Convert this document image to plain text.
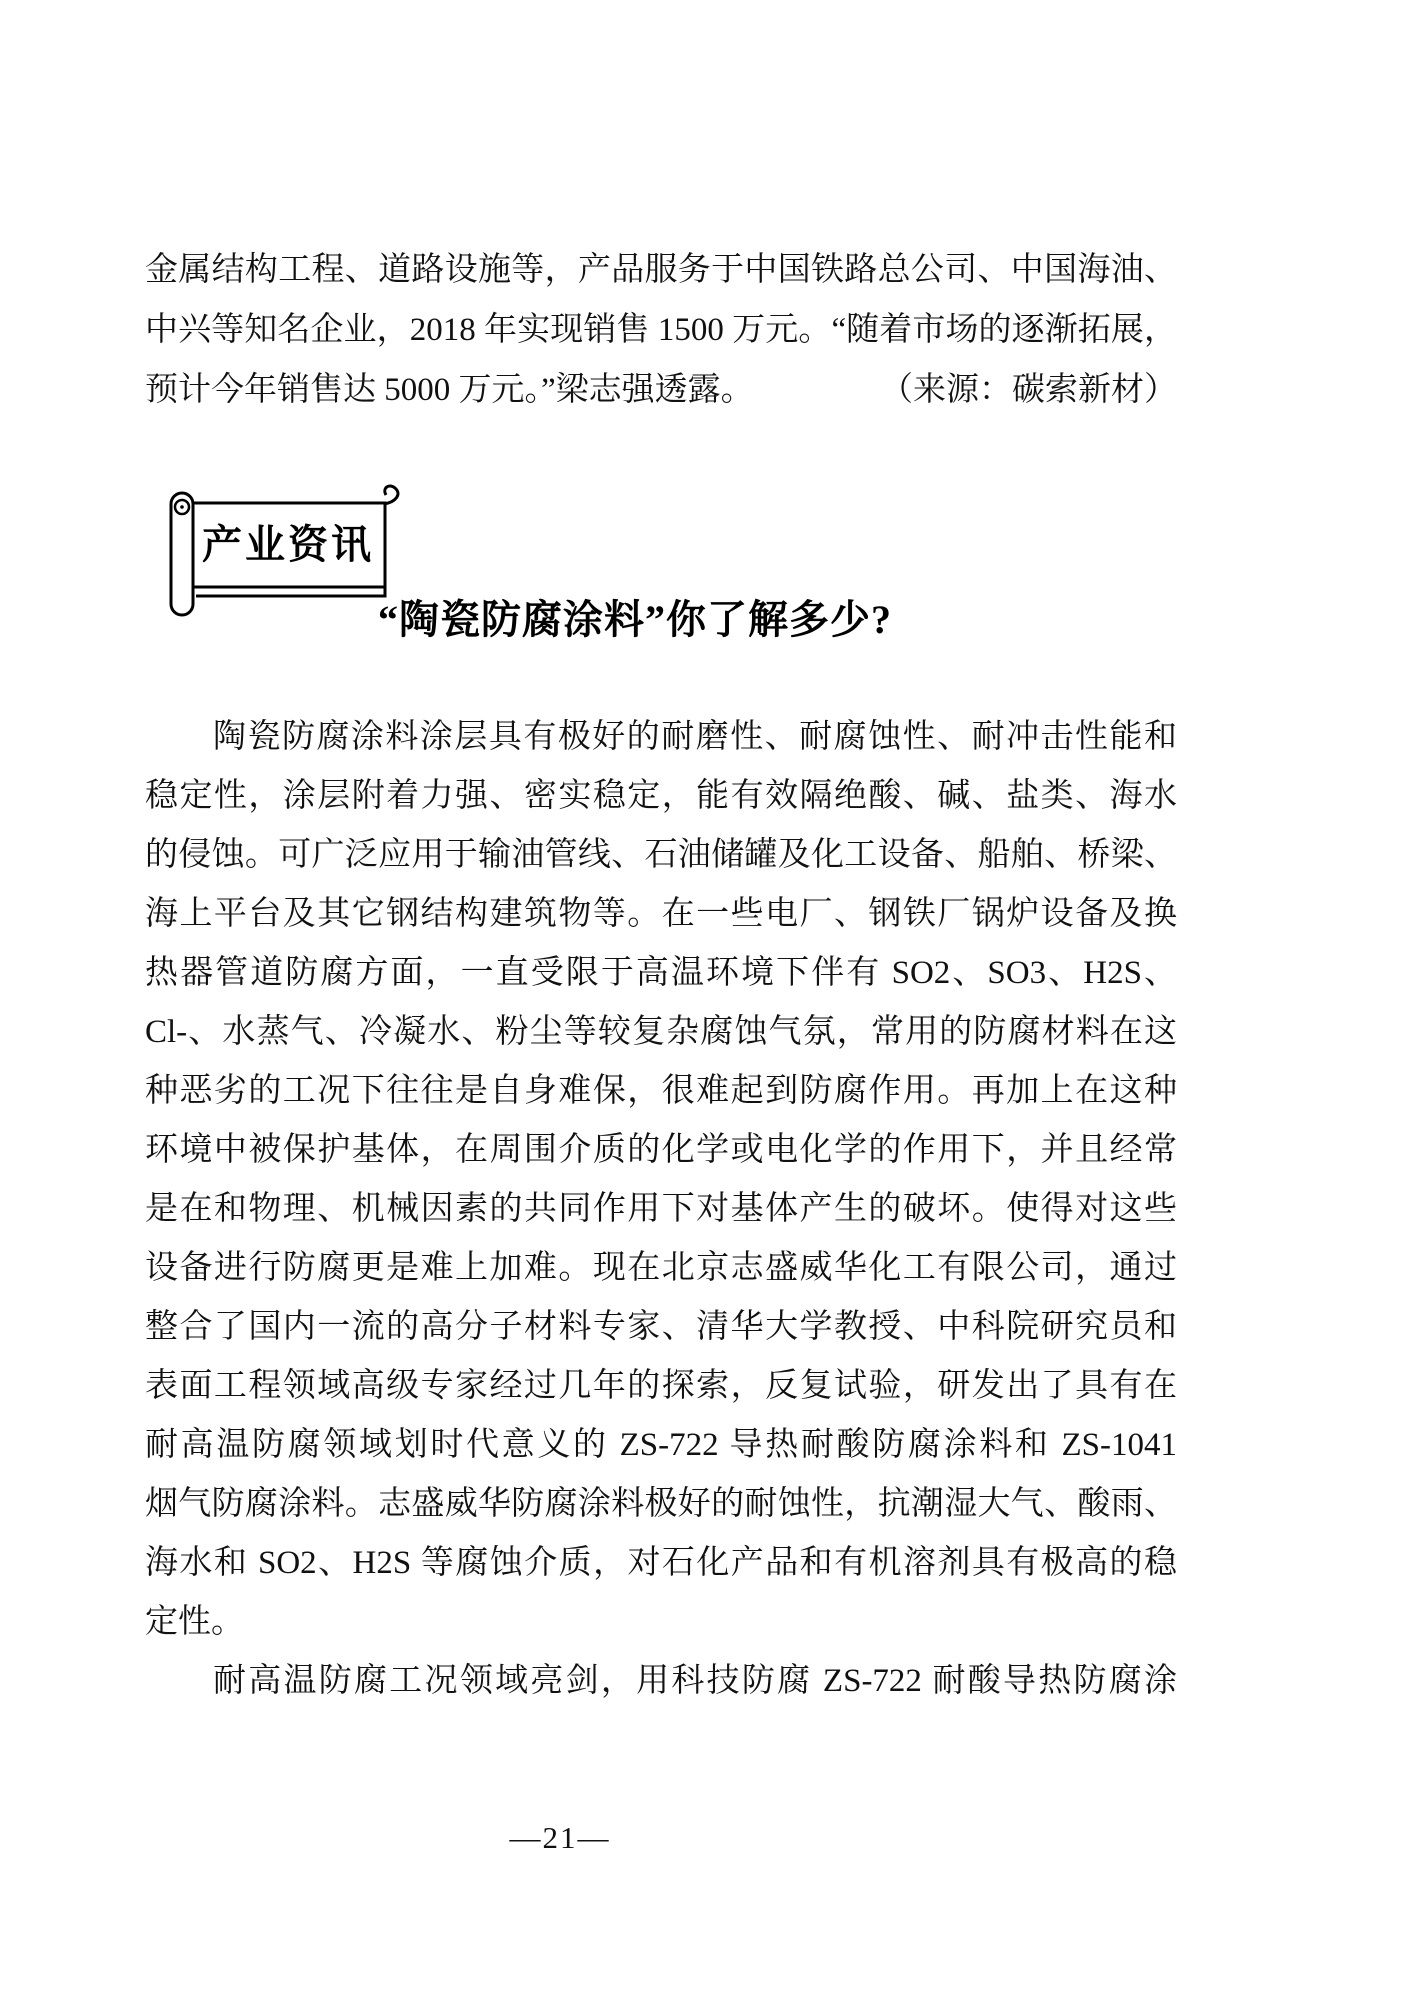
金属结构工程、道路设施等，产品服务于中国铁路总公司、中国海油、
中兴等知名企业，2018 年实现销售 1500 万元。“随着市场的逐渐拓展，
预计今年销售达 5000 万元。”梁志强透露。	（来源：碳索新材）
产业资讯
“陶瓷防腐涂料”你了解多少?
陶瓷防腐涂料涂层具有极好的耐磨性、耐腐蚀性、耐冲击性能和
稳定性，涂层附着力强、密实稳定，能有效隔绝酸、碱、盐类、海水
的侵蚀。可广泛应用于输油管线、石油储罐及化工设备、船舶、桥梁、
海上平台及其它钢结构建筑物等。在一些电厂、钢铁厂锅炉设备及换
热器管道防腐方面，一直受限于高温环境下伴有 SO2、SO3、H2S、
Cl-、水蒸气、冷凝水、粉尘等较复杂腐蚀气氛，常用的防腐材料在这
种恶劣的工况下往往是自身难保，很难起到防腐作用。再加上在这种
环境中被保护基体，在周围介质的化学或电化学的作用下，并且经常
是在和物理、机械因素的共同作用下对基体产生的破坏。使得对这些
设备进行防腐更是难上加难。现在北京志盛威华化工有限公司，通过
整合了国内一流的高分子材料专家、清华大学教授、中科院研究员和
表面工程领域高级专家经过几年的探索，反复试验，研发出了具有在
耐高温防腐领域划时代意义的 ZS-722 导热耐酸防腐涂料和 ZS-1041
烟气防腐涂料。志盛威华防腐涂料极好的耐蚀性，抗潮湿大气、酸雨、
海水和 SO2、H2S 等腐蚀介质，对石化产品和有机溶剂具有极高的稳
定性。
耐高温防腐工况领域亮剑，用科技防腐 ZS-722 耐酸导热防腐涂
—21—
